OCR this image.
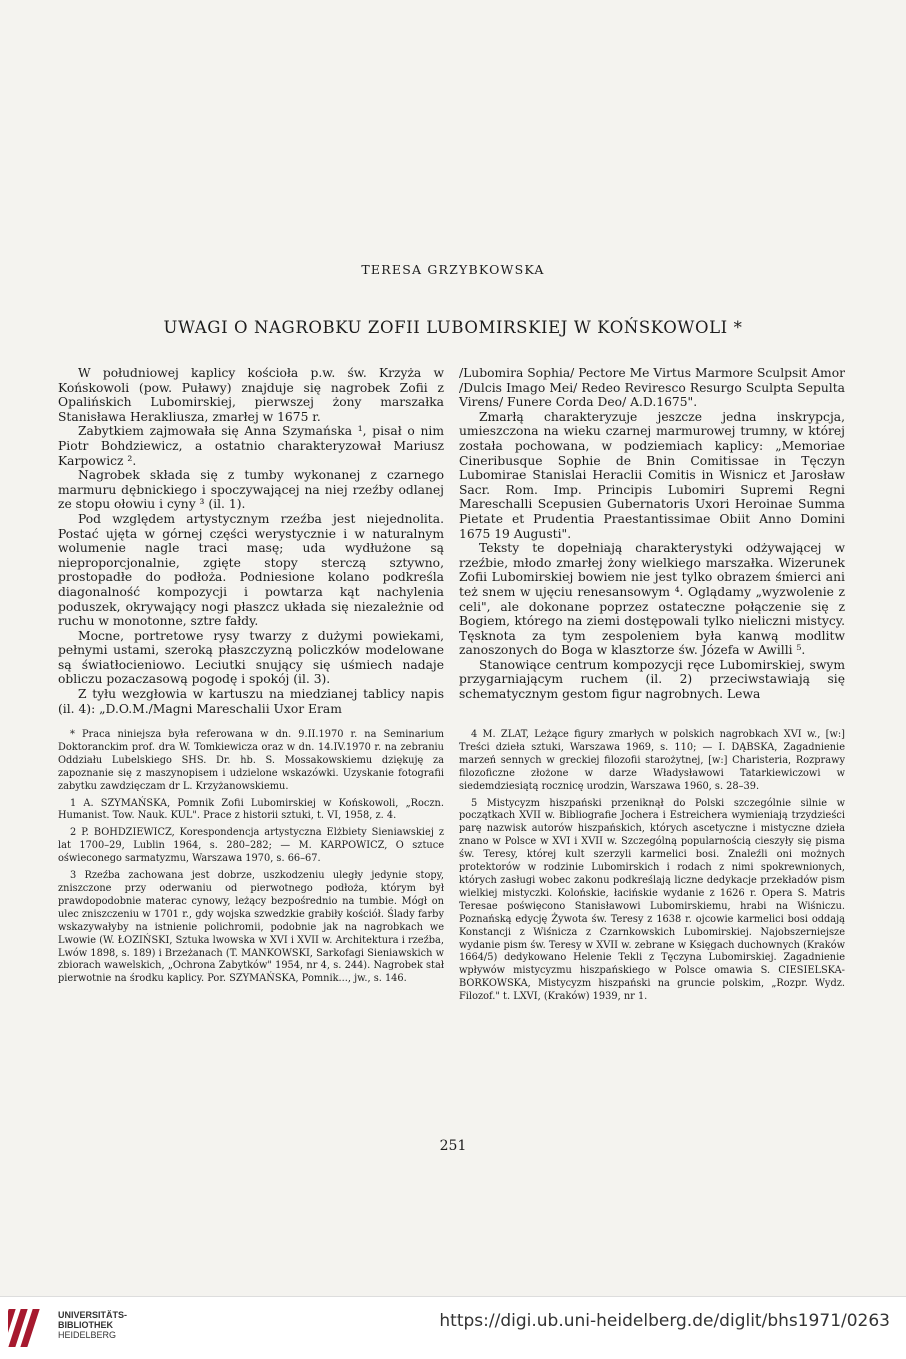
TERESA GRZYBKOWSKA
UWAGI O NAGROBKU ZOFII LUBOMIRSKIEJ W KOŃSKOWOLI *

W południowej kaplicy kościoła p.w. św. Krzyża w Końskowoli (pow. Puławy) znajduje się nagrobek Zofii z Opalińskich Lubomirskiej, pierwszej żony marszałka Stanisława Herakliusza, zmarłej w 1675 r.

Zabytkiem zajmowała się Anna Szymańska ¹, pisał o nim Piotr Bohdziewicz, a ostatnio charakteryzował Mariusz Karpowicz ².

Nagrobek składa się z tumby wykonanej z czarnego marmuru dębnickiego i spoczywającej na niej rzeźby odlanej ze stopu ołowiu i cyny ³ (il. 1).

Pod względem artystycznym rzeźba jest niejednolita. Postać ujęta w górnej części werystycznie i w naturalnym wolumenie nagle traci masę; uda wydłużone są nieproporcjonalnie, zgięte stopy sterczą sztywno, prostopadłe do podłoża. Podniesione kolano podkreśla diagonalność kompozycji i powtarza kąt nachylenia poduszek, okrywający nogi płaszcz układa się niezależnie od ruchu w monotonne, sztre fałdy.

Mocne, portretowe rysy twarzy z dużymi powiekami, pełnymi ustami, szeroką płaszczyzną policzków modelowane są światłocieniowo. Leciutki snujący się uśmiech nadaje obliczu pozaczasową pogodę i spokój (il. 3).

Z tyłu wezgłowia w kartuszu na miedzianej tablicy napis (il. 4): „D.O.M./Magni Mareschalii Uxor Eram

/Lubomira Sophia/ Pectore Me Virtus Marmore Sculpsit Amor /Dulcis Imago Mei/ Redeo Reviresco Resurgo Sculpta Sepulta Virens/ Funere Corda Deo/ A.D.1675".

Zmarłą charakteryzuje jeszcze jedna inskrypcja, umieszczona na wieku czarnej marmurowej trumny, w której została pochowana, w podziemiach kaplicy: „Memoriae Cineribusque Sophie de Bnin Comitissae in Tęczyn Lubomirae Stanislai Heraclii Comitis in Wisnicz et Jarosław Sacr. Rom. Imp. Principis Lubomiri Supremi Regni Mareschalli Scepusien Gubernatoris Uxori Heroinae Summa Pietate et Prudentia Praestantissimae Obiit Anno Domini 1675 19 Augusti".

Teksty te dopełniają charakterystyki odżywającej w rzeźbie, młodo zmarłej żony wielkiego marszałka. Wizerunek Zofii Lubomirskiej bowiem nie jest tylko obrazem śmierci ani też snem w ujęciu renesansowym ⁴. Oglądamy „wyzwolenie z celi", ale dokonane poprzez ostateczne połączenie się z Bogiem, którego na ziemi dostępowali tylko nieliczni mistycy. Tęsknota za tym zespoleniem była kanwą modlitw zanoszonych do Boga w klasztorze św. Józefa w Awilli ⁵.

Stanowiące centrum kompozycji ręce Lubomirskiej, swym przygarniającym ruchem (il. 2) przeciwstawiają się schematycznym gestom figur nagrobnych. Lewa

* Praca niniejsza była referowana w dn. 9.II.1970 r. na Seminarium Doktoranckim prof. dra W. Tomkiewicza oraz w dn. 14.IV.1970 r. na zebraniu Oddziału Lubelskiego SHS. Dr. hb. S. Mossakowskiemu dziękuję za zapoznanie się z maszynopisem i udzielone wskazówki. Uzyskanie fotografii zabytku zawdzięczam dr L. Krzyżanowskiemu.

1 A. SZYMAŃSKA, Pomnik Zofii Lubomirskiej w Końskowoli, „Roczn. Humanist. Tow. Nauk. KUL". Prace z historii sztuki, t. VI, 1958, z. 4.

2 P. BOHDZIEWICZ, Korespondencja artystyczna Elżbiety Sieniawskiej z lat 1700–29, Lublin 1964, s. 280–282; — M. KARPOWICZ, O sztuce oświeconego sarmatyzmu, Warszawa 1970, s. 66–67.

3 Rzeźba zachowana jest dobrze, uszkodzeniu uległy jedynie stopy, zniszczone przy oderwaniu od pierwotnego podłoża, którym był prawdopodobnie materac cynowy, leżący bezpośrednio na tumbie. Mógł on ulec zniszczeniu w 1701 r., gdy wojska szwedzkie grabiły kościół. Ślady farby wskazywałyby na istnienie polichromii, podobnie jak na nagrobkach we Lwowie (W. ŁOZIŃSKI, Sztuka lwowska w XVI i XVII w. Architektura i rzeźba, Lwów 1898, s. 189) i Brzeżanach (T. MANKOWSKI, Sarkofagi Sieniawskich w zbiorach wawelskich, „Ochrona Zabytków" 1954, nr 4, s. 244). Nagrobek stał pierwotnie na środku kaplicy. Por. SZYMAŃSKA, Pomnik..., jw., s. 146.

4 M. ZLAT, Leżące figury zmarłych w polskich nagrobkach XVI w., [w:] Treści dzieła sztuki, Warszawa 1969, s. 110; — I. DĄBSKA, Zagadnienie marzeń sennych w greckiej filozofii starożytnej, [w:] Charisteria, Rozprawy filozoficzne złożone w darze Władysławowi Tatarkiewiczowi w siedemdziesiątą rocznicę urodzin, Warszawa 1960, s. 28–39.

5 Mistycyzm hiszpański przeniknął do Polski szczególnie silnie w początkach XVII w. Bibliografie Jochera i Estreichera wymieniają trzydzieści parę nazwisk autorów hiszpańskich, których ascetyczne i mistyczne dzieła znano w Polsce w XVI i XVII w. Szczególną popularnością cieszyły się pisma św. Teresy, której kult szerzyli karmelici bosi. Znaleźli oni możnych protektorów w rodzinie Lubomirskich i rodach z nimi spokrewnionych, których zasługi wobec zakonu podkreślają liczne dedykacje przekładów pism wielkiej mistyczki. Kolońskie, łacińskie wydanie z 1626 r. Opera S. Matris Teresae poświęcono Stanisławowi Lubomirskiemu, hrabi na Wiśniczu. Poznańską edycję Żywota św. Teresy z 1638 r. ojcowie karmelici bosi oddają Konstancji z Wiśnicza z Czarnkowskich Lubomirskiej. Najobszerniejsze wydanie pism św. Teresy w XVII w. zebrane w Księgach duchownych (Kraków 1664/5) dedykowano Helenie Tekli z Tęczyna Lubomirskiej. Zagadnienie wpływów mistycyzmu hiszpańskiego w Polsce omawia S. CIESIELSKA-BORKOWSKA, Mistycyzm hiszpański na gruncie polskim, „Rozpr. Wydz. Filozof." t. LXVI, (Kraków) 1939, nr 1.

251
UNIVERSITÄTS-
BIBLIOTHEK
HEIDELBERG
https://digi.ub.uni-heidelberg.de/diglit/bhs1971/0263
